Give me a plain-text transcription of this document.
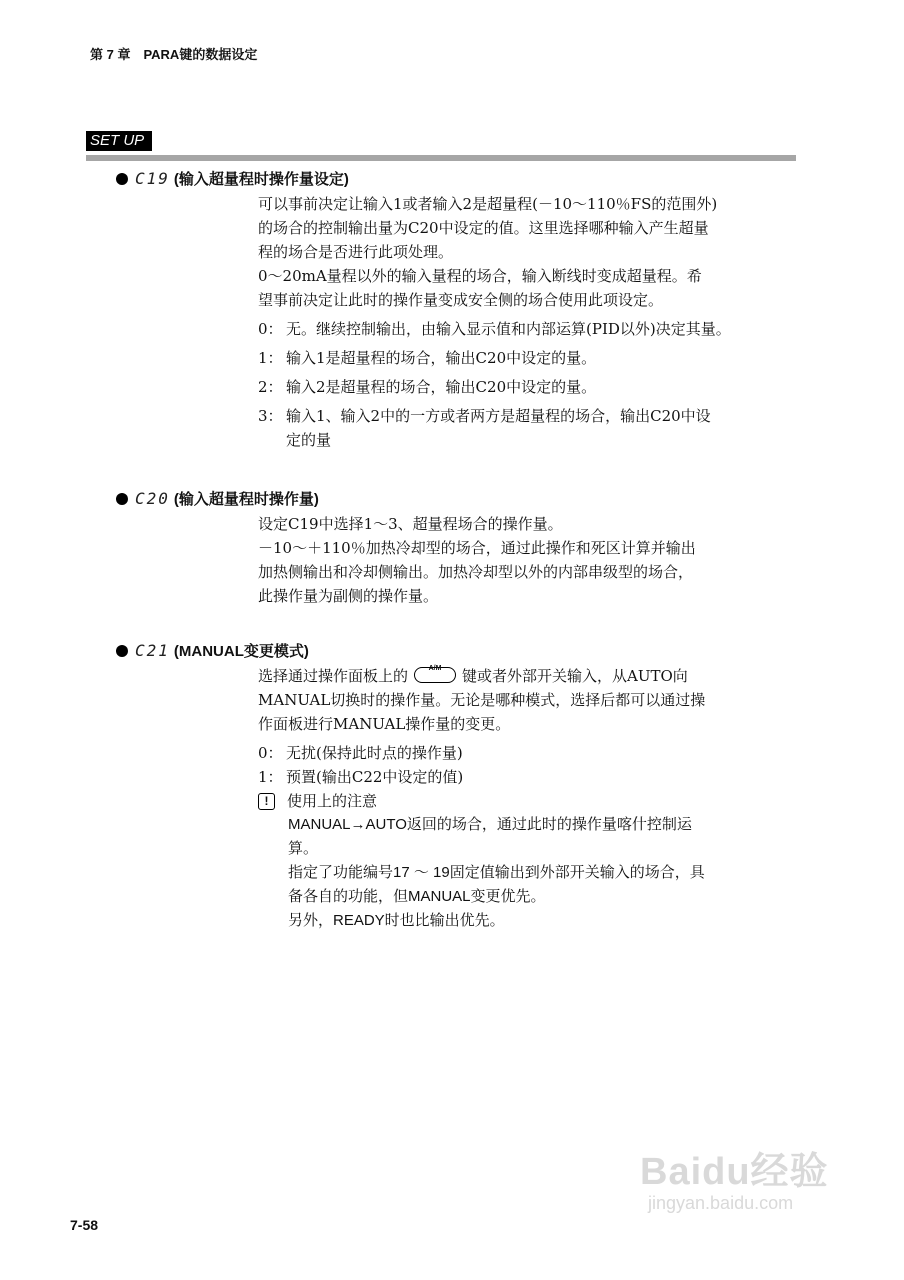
第 7 章　PARA键的数据设定
SET UP
C19 (输入超量程时操作量设定)

可以事前决定让输入1或者输入2是超量程(－10～110％FS的范围外)

的场合的控制输出量为C20中设定的值。这里选择哪种输入产生超量

程的场合是否进行此项处理。

0～20mA量程以外的输入量程的场合，输入断线时变成超量程。希

望事前决定让此时的操作量变成安全侧的场合使用此项设定。

0： 无。继续控制输出，由输入显示值和内部运算(PID以外)决定其量。

1： 输入1是超量程的场合，输出C20中设定的量。

2： 输入2是超量程的场合，输出C20中设定的量。

3： 输入1、输入2中的一方或者两方是超量程的场合，输出C20中设

定的量

C20 (输入超量程时操作量)

设定C19中选择1～3、超量程场合的操作量。

－10～＋110％加热冷却型的场合，通过此操作和死区计算并输出

加热侧输出和冷却侧输出。加热冷却型以外的内部串级型的场合，

此操作量为副侧的操作量。

C21 (MANUAL变更模式)

选择通过操作面板上的	A/M	键或者外部开关输入，从AUTO向

MANUAL切换时的操作量。无论是哪种模式，选择后都可以通过操

作面板进行MANUAL操作量的变更。

0： 无扰(保持此时点的操作量)

1： 预置(输出C22中设定的值)

!	使用上的注意

MANUAL→AUTO返回的场合，通过此时的操作量喀什控制运

算。

指定了功能编号17 ～ 19固定值输出到外部开关输入的场合，具

备各自的功能，但MANUAL变更优先。

另外，READY时也比输出优先。

7-58
Baidu经验
jingyan.baidu.com
